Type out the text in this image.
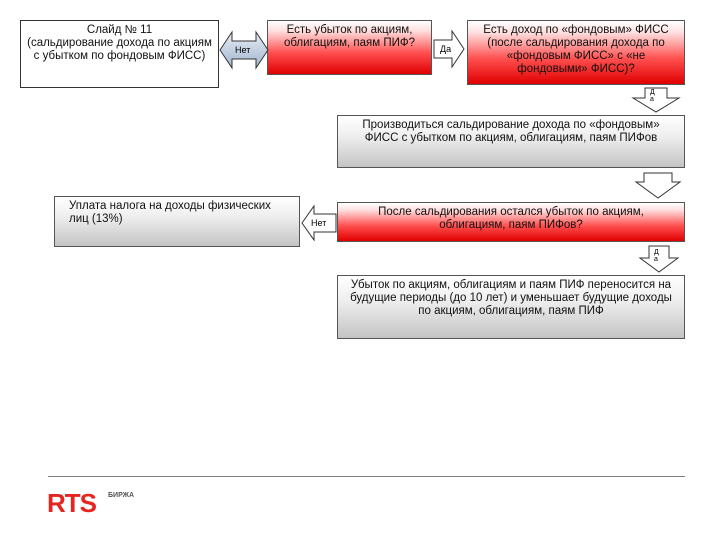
Слайд № 11
(сальдирование дохода по акциям с убытком по фондовым ФИСС)
Есть убыток по акциям, облигациям, паям ПИФ?
Есть доход по «фондовым» ФИСС (после сальдирования дохода по «фондовым ФИСС» с «не фондовыми» ФИСС)?
Производиться сальдирование дохода по «фондовым» ФИСС с убытком по акциям, облигациям, паям ПИФов
После сальдирования остался убыток по акциям, облигациям, паям ПИФов?
Уплата налога на доходы физических лиц (13%)
Убыток по акциям, облигациям и паям ПИФ переносится на будущие периоды (до 10 лет) и уменьшает будущие доходы по акциям, облигациям, паям ПИФ
Нет	Да
Да
Нет
Да
RTS БИРЖА
